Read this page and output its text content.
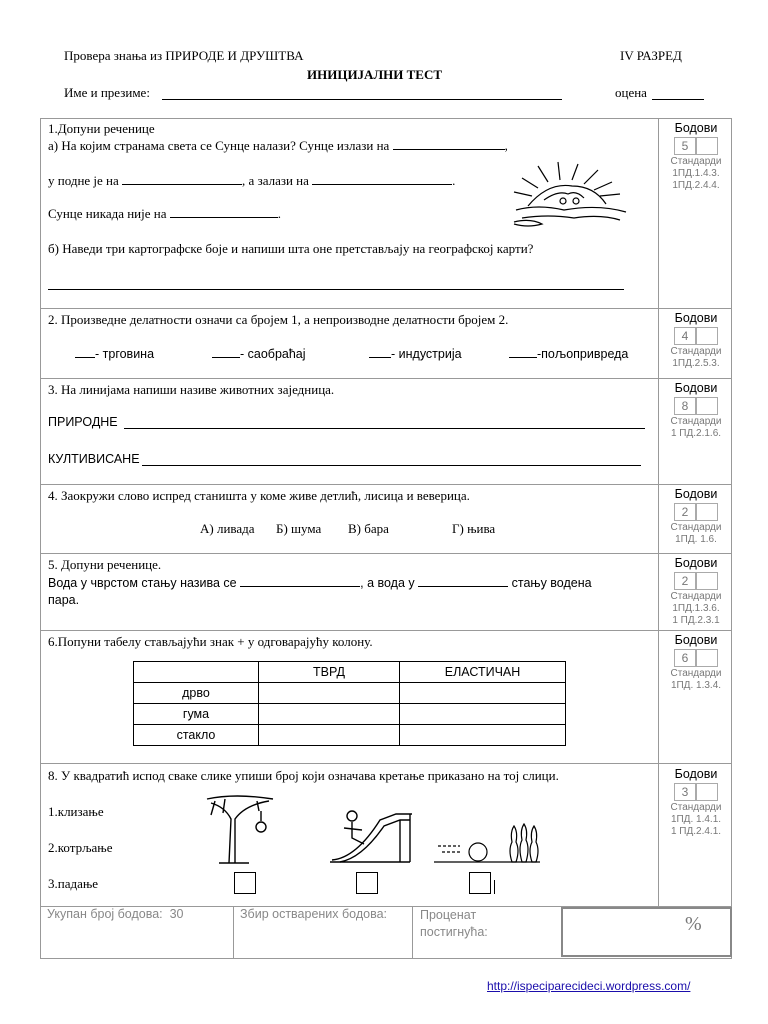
Провера знања из ПРИРОДЕ И ДРУШТВА	IV РАЗРЕД
ИНИЦИЈАЛНИ ТЕСТ
Име и презиме:	оцена
1.Допуни реченице
а) На којим странама света се Сунце налази? Сунце излази на	,
у подне је на	, а залази на	.
Сунце никада није на	.
б) Наведи три картографске боје и напиши шта оне претстављају на географској карти?
Бодови
5
Стандарди
1ПД.1.4.3.
1ПД.2.4.4.
2. Произведне делатности означи са бројем 1, а непроизводне делатности бројем 2.
- трговина	- саобраћај	- индустрија	-пољопривреда
Бодови
4
Стандарди
1ПД.2.5.3.
3. На линијама напиши називе животних заједница.
ПРИРОДНЕ
КУЛТИВИСАНЕ
Бодови
8
Стандарди
1 ПД.2.1.6.
4. Заокружи слово испред станишта у коме живе детлић, лисица и веверица.
А) ливада Б) шума В) бара	Г) њива
Бодови
2
Стандарди
1ПД. 1.6.
5. Допуни реченице.
Вода у чврстом стању назива се	, а вода у	стању водена
пара.
Бодови
2
Стандарди
1ПД.1.3.6.
1 ПД.2.3.1
6.Попуни табелу стављајући знак + у одговарајућу колону.
	ТВРД	ЕЛАСТИЧАН
дрво		
гума		
стакло		
Бодови
6
Стандарди
1ПД. 1.3.4.
8. У квадратић испод сваке слике упиши број који означава кретање приказано на тој слици.
1.клизање
2.котрљање
3.падање
Бодови
3
Стандарди
1ПД. 1.4.1.
1 ПД.2.4.1.
Укупан број бодова: 30	Збир остварених бодова:	Проценат
постигнућа:	%
http://ispeciparecideci.wordpress.com/
